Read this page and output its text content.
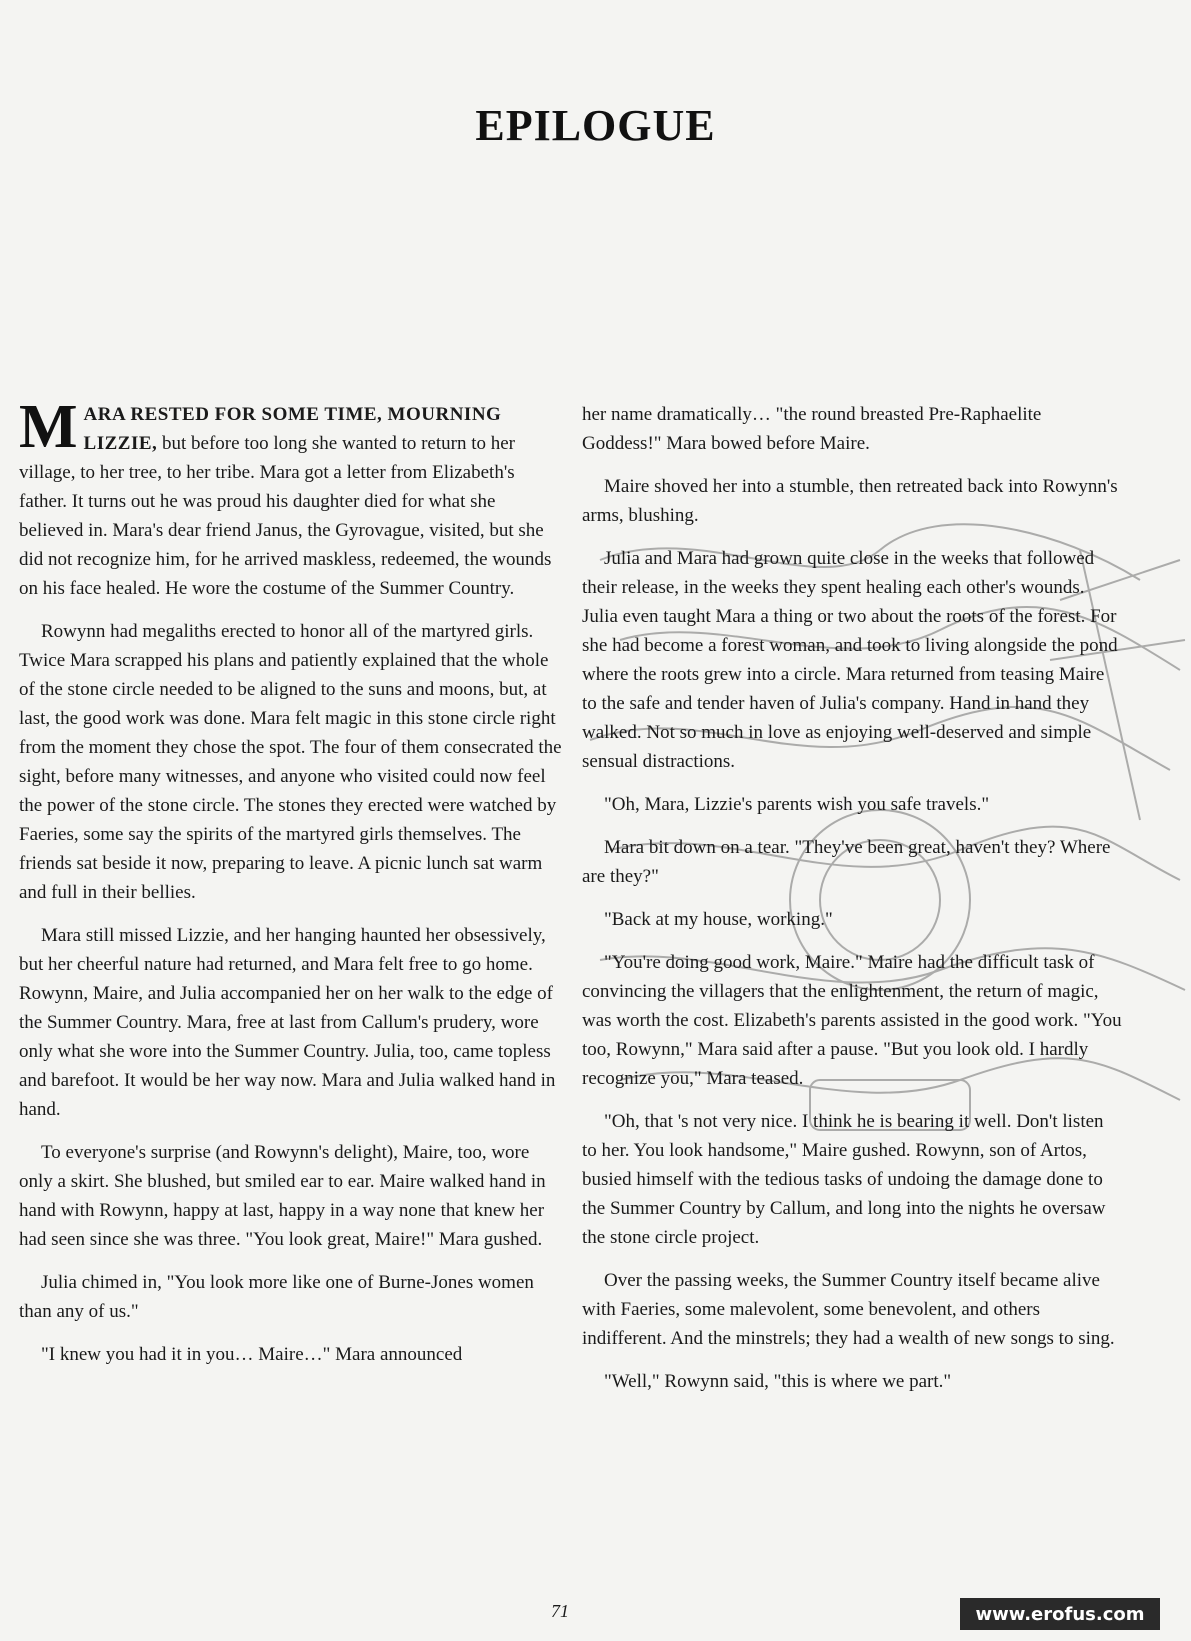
EPILOGUE

MARA RESTED FOR SOME TIME, MOURNING LIZZIE, but before too long she wanted to return to her village, to her tree, to her tribe. Mara got a letter from Elizabeth's father. It turns out he was proud his daughter died for what she believed in. Mara's dear friend Janus, the Gyrovague, visited, but she did not recognize him, for he arrived maskless, redeemed, the wounds on his face healed. He wore the costume of the Summer Country.

Rowynn had megaliths erected to honor all of the martyred girls. Twice Mara scrapped his plans and patiently explained that the whole of the stone circle needed to be aligned to the suns and moons, but, at last, the good work was done. Mara felt magic in this stone circle right from the moment they chose the spot. The four of them consecrated the sight, before many witnesses, and anyone who visited could now feel the power of the stone circle. The stones they erected were watched by Faeries, some say the spirits of the martyred girls themselves. The friends sat beside it now, preparing to leave. A picnic lunch sat warm and full in their bellies.

Mara still missed Lizzie, and her hanging haunted her obsessively, but her cheerful nature had returned, and Mara felt free to go home. Rowynn, Maire, and Julia accompanied her on her walk to the edge of the Summer Country. Mara, free at last from Callum's prudery, wore only what she wore into the Summer Country. Julia, too, came topless and barefoot. It would be her way now. Mara and Julia walked hand in hand.

To everyone's surprise (and Rowynn's delight), Maire, too, wore only a skirt. She blushed, but smiled ear to ear. Maire walked hand in hand with Rowynn, happy at last, happy in a way none that knew her had seen since she was three. "You look great, Maire!" Mara gushed.

Julia chimed in, "You look more like one of Burne-Jones women than any of us."

"I knew you had it in you… Maire…" Mara announced

her name dramatically… "the round breasted Pre-Raphaelite Goddess!" Mara bowed before Maire.

Maire shoved her into a stumble, then retreated back into Rowynn's arms, blushing.

Julia and Mara had grown quite close in the weeks that followed their release, in the weeks they spent healing each other's wounds. Julia even taught Mara a thing or two about the roots of the forest. For she had become a forest woman, and took to living alongside the pond where the roots grew into a circle. Mara returned from teasing Maire to the safe and tender haven of Julia's company. Hand in hand they walked. Not so much in love as enjoying well-deserved and simple sensual distractions.

"Oh, Mara, Lizzie's parents wish you safe travels."

Mara bit down on a tear. "They've been great, haven't they? Where are they?"

"Back at my house, working."

"You're doing good work, Maire." Maire had the difficult task of convincing the villagers that the enlightenment, the return of magic, was worth the cost. Elizabeth's parents assisted in the good work. "You too, Rowynn," Mara said after a pause. "But you look old. I hardly recognize you," Mara teased.

"Oh, that 's not very nice. I think he is bearing it well. Don't listen to her. You look handsome," Maire gushed. Rowynn, son of Artos, busied himself with the tedious tasks of undoing the damage done to the Summer Country by Callum, and long into the nights he oversaw the stone circle project.

Over the passing weeks, the Summer Country itself became alive with Faeries, some malevolent, some benevolent, and others indifferent. And the minstrels; they had a wealth of new songs to sing.

"Well," Rowynn said, "this is where we part."

71	www.erofus.com
